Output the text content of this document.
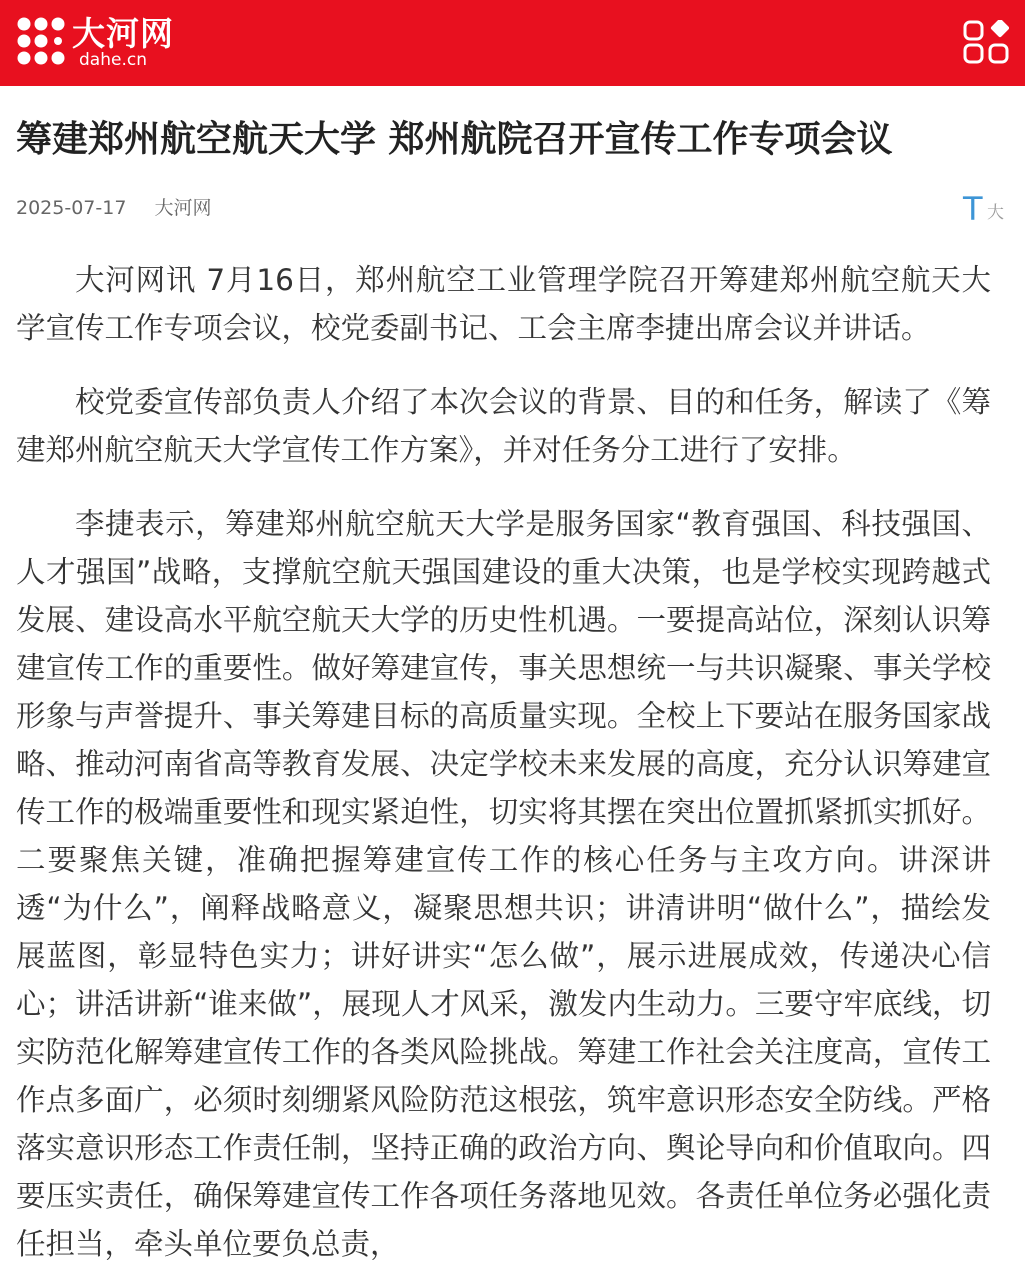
大河网
dahe.cn
筹建郑州航空航天大学 郑州航院召开宣传工作专项会议
2025-07-17 大河网	T 大

大河网讯 7月16日，郑州航空工业管理学院召开筹建郑州航空航天大学宣传工作专项会议，校党委副书记、工会主席李捷出席会议并讲话。

校党委宣传部负责人介绍了本次会议的背景、目的和任务，解读了《筹建郑州航空航天大学宣传工作方案》，并对任务分工进行了安排。

李捷表示，筹建郑州航空航天大学是服务国家“教育强国、科技强国、人才强国”战略，支撑航空航天强国建设的重大决策，也是学校实现跨越式发展、建设高水平航空航天大学的历史性机遇。一要提高站位，深刻认识筹建宣传工作的重要性。做好筹建宣传，事关思想统一与共识凝聚、事关学校形象与声誉提升、事关筹建目标的高质量实现。全校上下要站在服务国家战略、推动河南省高等教育发展、决定学校未来发展的高度，充分认识筹建宣传工作的极端重要性和现实紧迫性，切实将其摆在突出位置抓紧抓实抓好。二要聚焦关键，准确把握筹建宣传工作的核心任务与主攻方向。讲深讲透“为什么”，阐释战略意义，凝聚思想共识；讲清讲明“做什么”，描绘发展蓝图，彰显特色实力；讲好讲实“怎么做”，展示进展成效，传递决心信心；讲活讲新“谁来做”，展现人才风采，激发内生动力。三要守牢底线，切实防范化解筹建宣传工作的各类风险挑战。筹建工作社会关注度高，宣传工作点多面广，必须时刻绷紧风险防范这根弦，筑牢意识形态安全防线。严格落实意识形态工作责任制，坚持正确的政治方向、舆论导向和价值取向。四要压实责任，确保筹建宣传工作各项任务落地见效。各责任单位务必强化责任担当，牵头单位要负总责，
